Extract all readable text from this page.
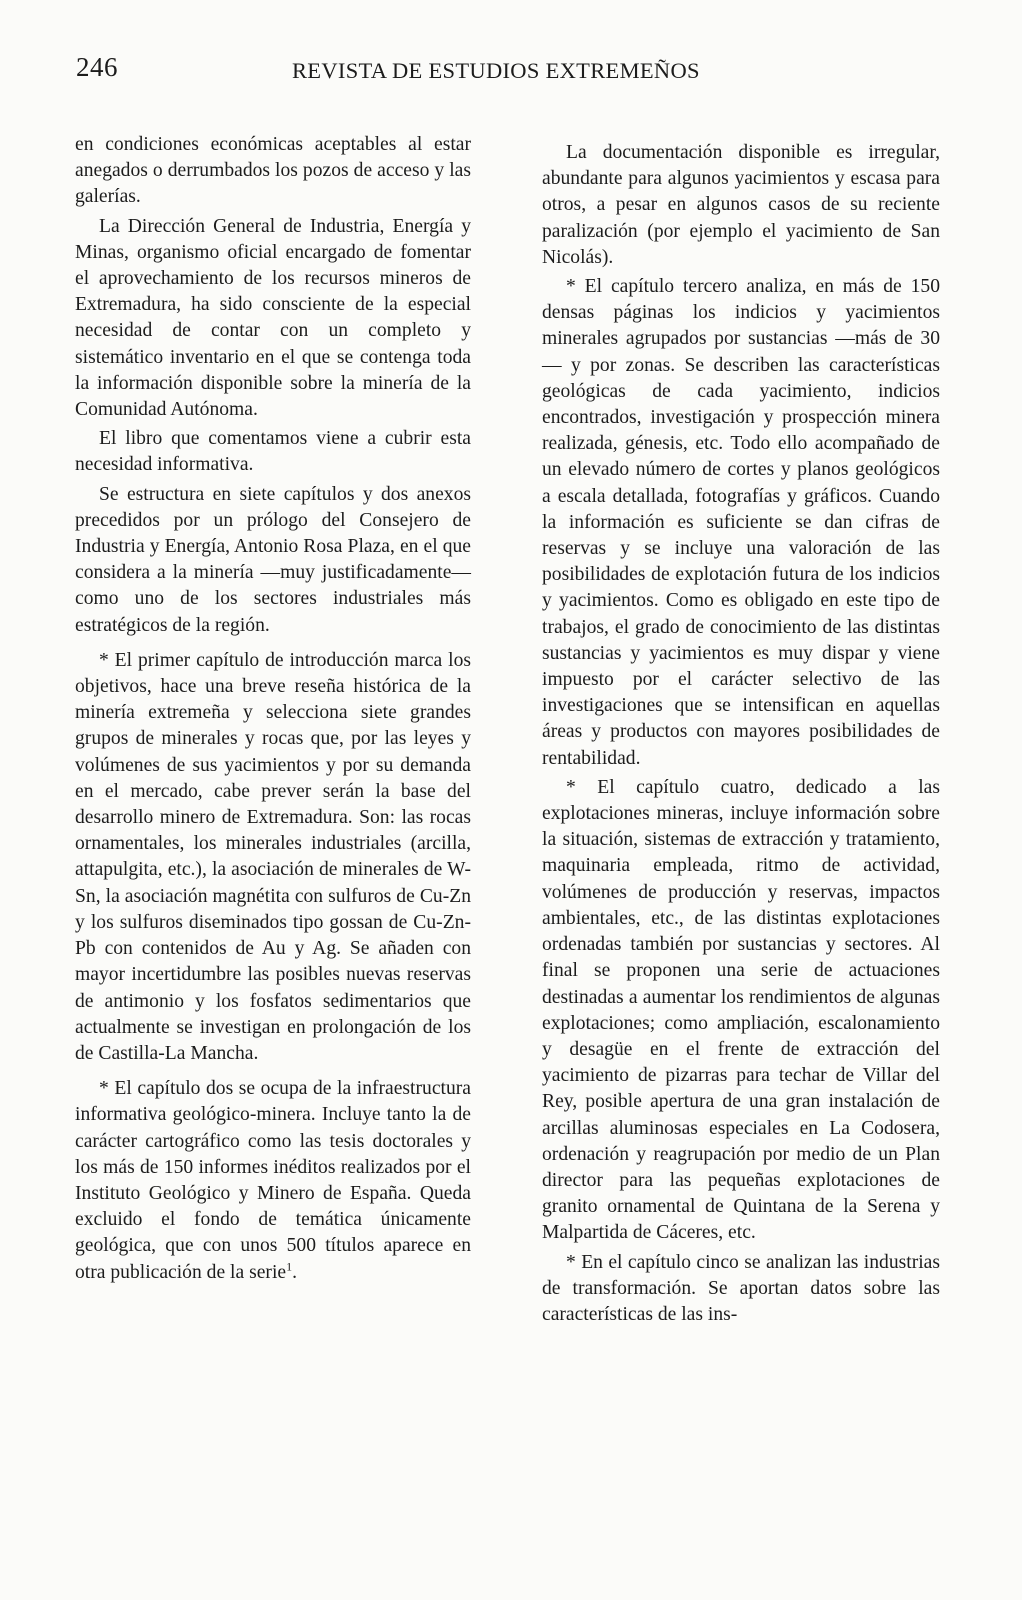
246	REVISTA DE ESTUDIOS EXTREMEÑOS

en condiciones económicas aceptables al estar anegados o derrumbados los pozos de acceso y las galerías.

La Dirección General de Industria, Energía y Minas, organismo oficial encargado de fomentar el aprovechamiento de los recursos mineros de Extremadura, ha sido consciente de la especial necesidad de contar con un completo y sistemático inventario en el que se contenga toda la información disponible sobre la minería de la Comunidad Autónoma.

El libro que comentamos viene a cubrir esta necesidad informativa.

Se estructura en siete capítulos y dos anexos precedidos por un prólogo del Consejero de Industria y Energía, Antonio Rosa Plaza, en el que considera a la minería —muy justificadamente— como uno de los sectores industriales más estratégicos de la región.

* El primer capítulo de introducción marca los objetivos, hace una breve reseña histórica de la minería extremeña y selecciona siete grandes grupos de minerales y rocas que, por las leyes y volúmenes de sus yacimientos y por su demanda en el mercado, cabe prever serán la base del desarrollo minero de Extremadura. Son: las rocas ornamentales, los minerales industriales (arcilla, attapulgita, etc.), la asociación de minerales de W-Sn, la asociación magnétita con sulfuros de Cu-Zn y los sulfuros diseminados tipo gossan de Cu-Zn-Pb con contenidos de Au y Ag. Se añaden con mayor incertidumbre las posibles nuevas reservas de antimonio y los fosfatos sedimentarios que actualmente se investigan en prolongación de los de Castilla-La Mancha.

* El capítulo dos se ocupa de la infraestructura informativa geológico-minera. Incluye tanto la de carácter cartográfico como las tesis doctorales y los más de 150 informes inéditos realizados por el Instituto Geológico y Minero de España. Queda excluido el fondo de temática únicamente geológica, que con unos 500 títulos aparece en otra publicación de la serie$^1$.

La documentación disponible es irregular, abundante para algunos yacimientos y escasa para otros, a pesar en algunos casos de su reciente paralización (por ejemplo el yacimiento de San Nicolás).

* El capítulo tercero analiza, en más de 150 densas páginas los indicios y yacimientos minerales agrupados por sustancias —más de 30— y por zonas. Se describen las características geológicas de cada yacimiento, indicios encontrados, investigación y prospección minera realizada, génesis, etc. Todo ello acompañado de un elevado número de cortes y planos geológicos a escala detallada, fotografías y gráficos. Cuando la información es suficiente se dan cifras de reservas y se incluye una valoración de las posibilidades de explotación futura de los indicios y yacimientos. Como es obligado en este tipo de trabajos, el grado de conocimiento de las distintas sustancias y yacimientos es muy dispar y viene impuesto por el carácter selectivo de las investigaciones que se intensifican en aquellas áreas y productos con mayores posibilidades de rentabilidad.

* El capítulo cuatro, dedicado a las explotaciones mineras, incluye información sobre la situación, sistemas de extracción y tratamiento, maquinaria empleada, ritmo de actividad, volúmenes de producción y reservas, impactos ambientales, etc., de las distintas explotaciones ordenadas también por sustancias y sectores. Al final se proponen una serie de actuaciones destinadas a aumentar los rendimientos de algunas explotaciones; como ampliación, escalonamiento y desagüe en el frente de extracción del yacimiento de pizarras para techar de Villar del Rey, posible apertura de una gran instalación de arcillas aluminosas especiales en La Codosera, ordenación y reagrupación por medio de un Plan director para las pequeñas explotaciones de granito ornamental de Quintana de la Serena y Malpartida de Cáceres, etc.

* En el capítulo cinco se analizan las industrias de transformación. Se aportan datos sobre las características de las ins-
